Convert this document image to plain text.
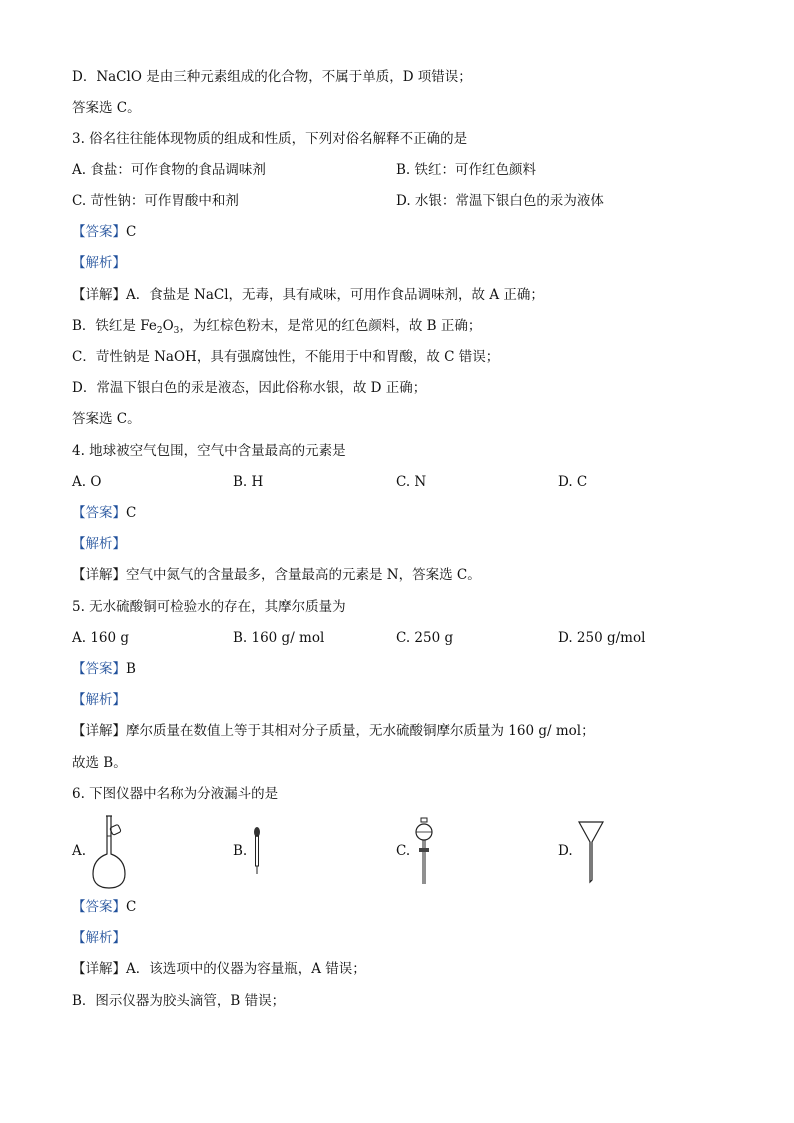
D．NaClO 是由三种元素组成的化合物，不属于单质，D 项错误；
答案选 C。
3. 俗名往往能体现物质的组成和性质，下列对俗名解释不正确的是
A. 食盐：可作食物的食品调味剂	B. 铁红：可作红色颜料
C. 苛性钠：可作胃酸中和剂	D. 水银：常温下银白色的汞为液体
【答案】C
【解析】
【详解】A．食盐是 NaCl，无毒，具有咸味，可用作食品调味剂，故 A 正确；
B．铁红是 $Fe_2O_3$，为红棕色粉末，是常见的红色颜料，故 B 正确；
C．苛性钠是 NaOH，具有强腐蚀性，不能用于中和胃酸，故 C 错误；
D．常温下银白色的汞是液态，因此俗称水银，故 D 正确；
答案选 C。
4. 地球被空气包围，空气中含量最高的元素是
A. O	B. H	C. N	D. C
【答案】C
【解析】
【详解】空气中氮气的含量最多，含量最高的元素是 N，答案选 C。
5. 无水硫酸铜可检验水的存在，其摩尔质量为
A. 160 g	B. 160 g/ mol	C. 250 g	D. 250 g/mol
【答案】B
【解析】
【详解】摩尔质量在数值上等于其相对分子质量，无水硫酸铜摩尔质量为 160 g/ mol；
故选 B。
6. 下图仪器中名称为分液漏斗的是
A.	B.	C.	D.
【答案】C
【解析】
【详解】A．该选项中的仪器为容量瓶，A 错误；
B．图示仪器为胶头滴管，B 错误；
